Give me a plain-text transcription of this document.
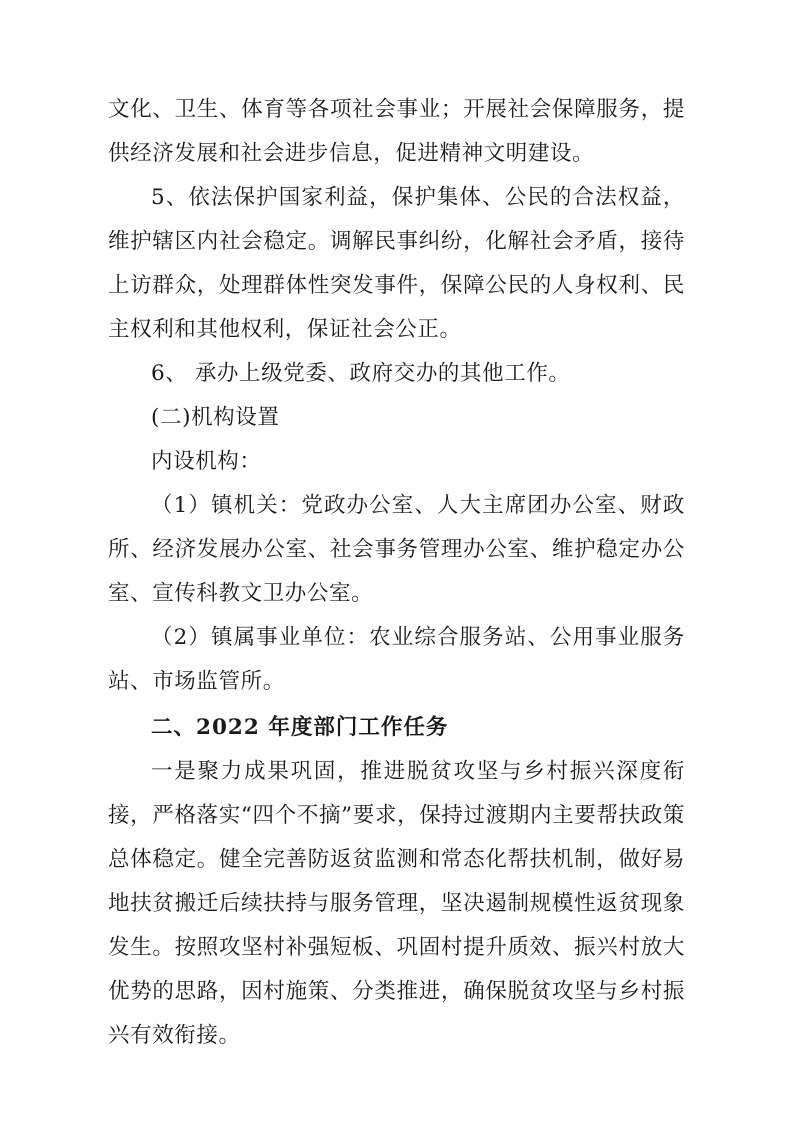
文化、卫生、体育等各项社会事业；开展社会保障服务，提供经济发展和社会进步信息，促进精神文明建设。

5、依法保护国家利益，保护集体、公民的合法权益，维护辖区内社会稳定。调解民事纠纷，化解社会矛盾，接待上访群众，处理群体性突发事件，保障公民的人身权利、民主权利和其他权利，保证社会公正。

6、 承办上级党委、政府交办的其他工作。

(二)机构设置

内设机构：

（1）镇机关：党政办公室、人大主席团办公室、财政所、经济发展办公室、社会事务管理办公室、维护稳定办公室、宣传科教文卫办公室。

（2）镇属事业单位：农业综合服务站、公用事业服务站、市场监管所。

二、2022 年度部门工作任务

一是聚力成果巩固，推进脱贫攻坚与乡村振兴深度衔接，严格落实“四个不摘”要求，保持过渡期内主要帮扶政策总体稳定。健全完善防返贫监测和常态化帮扶机制，做好易地扶贫搬迁后续扶持与服务管理，坚决遏制规模性返贫现象发生。按照攻坚村补强短板、巩固村提升质效、振兴村放大优势的思路，因村施策、分类推进，确保脱贫攻坚与乡村振兴有效衔接。
